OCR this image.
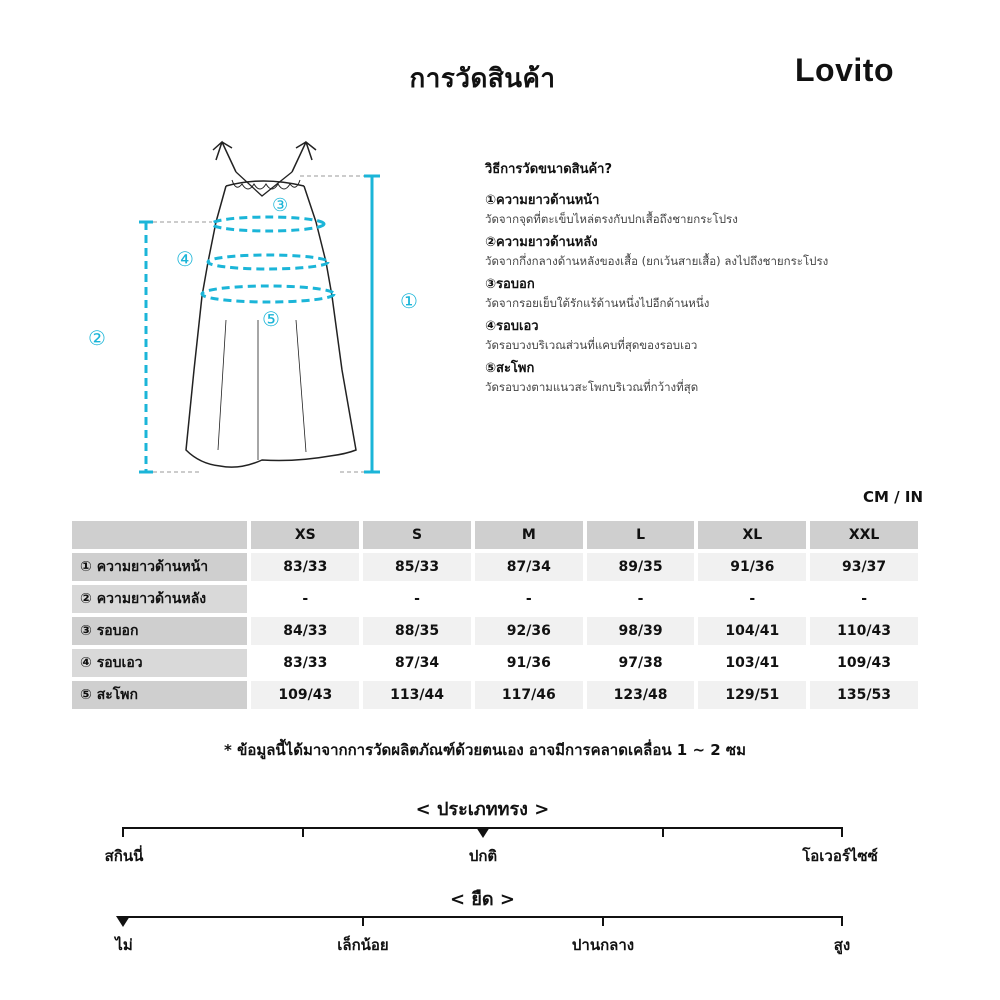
การวัดสินค้า	Lovito
①
②
③
④
⑤
วิธีการวัดขนาดสินค้า?
①ความยาวด้านหน้า
วัดจากจุดที่ตะเข็บไหล่ตรงกับปกเสื้อถึงชายกระโปรง
②ความยาวด้านหลัง
วัดจากกึ่งกลางด้านหลังของเสื้อ (ยกเว้นสายเสื้อ) ลงไปถึงชายกระโปรง
③รอบอก
วัดจากรอยเย็บใต้รักแร้ด้านหนึ่งไปอีกด้านหนึ่ง
④รอบเอว
วัดรอบวงบริเวณส่วนที่แคบที่สุดของรอบเอว
⑤สะโพก
วัดรอบวงตามแนวสะโพกบริเวณที่กว้างที่สุด
CM / IN
	XS	S	M	L	XL	XXL
① ความยาวด้านหน้า	83/33	85/33	87/34	89/35	91/36	93/37
② ความยาวด้านหลัง	-	-	-	-	-	-
③ รอบอก	84/33	88/35	92/36	98/39	104/41	110/43
④ รอบเอว	83/33	87/34	91/36	97/38	103/41	109/43
⑤ สะโพก	109/43	113/44	117/46	123/48	129/51	135/53
* ข้อมูลนี้ได้มาจากการวัดผลิตภัณฑ์ด้วยตนเอง อาจมีการคลาดเคลื่อน 1 ~ 2 ซม
< ประเภททรง >
สกินนี่	ปกติ	โอเวอร์ไซซ์
< ยืด >
ไม่	เล็กน้อย	ปานกลาง	สูง
